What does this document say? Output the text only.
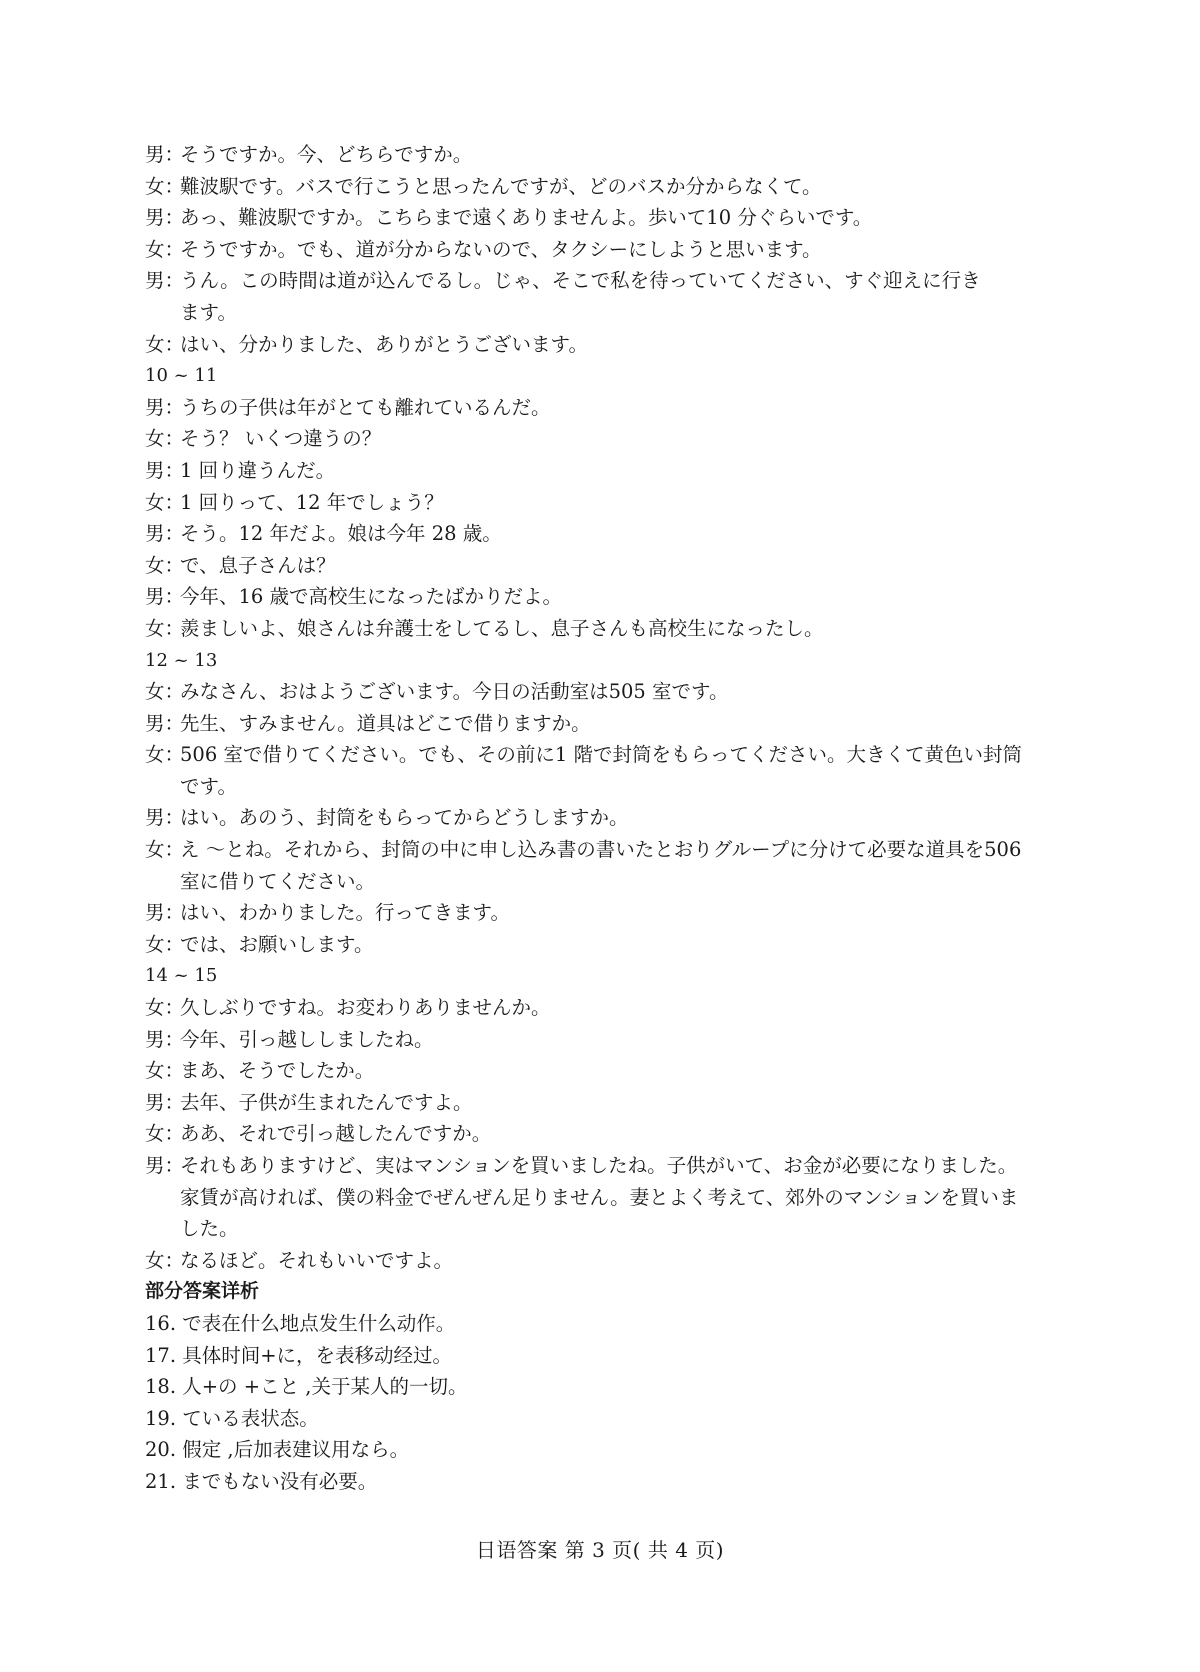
男：
そうですか。今、どちらですか。
女：
難波駅です。バスで行こうと思ったんですが、どのバスか分からなくて。
男：
あっ、難波駅ですか。こちらまで遠くありませんよ。歩いて10 分ぐらいです。
女：
そうですか。でも、道が分からないので、タクシーにしようと思います。
男：
うん。この時間は道が込んでるし。じゃ、そこで私を待っていてください、すぐ迎えに行き
ます。
女：
はい、分かりました、ありがとうございます。
10 ~ 11
男：
うちの子供は年がとても離れているんだ。
女：
そう？ いくつ違うの？
男：
1 回り違うんだ。
女：
1 回りって、12 年でしょう？
男：
そう。12 年だよ。娘は今年 28 歳。
女：
で、息子さんは？
男：
今年、16 歳で高校生になったばかりだよ。
女：
羨ましいよ、娘さんは弁護士をしてるし、息子さんも高校生になったし。
12 ~ 13
女：
みなさん、おはようございます。今日の活動室は505 室です。
男：
先生、すみません。道具はどこで借りますか。
女：
506 室で借りてください。でも、その前に1 階で封筒をもらってください。大きくて黄色い封筒
です。
男：
はい。あのう、封筒をもらってからどうしますか。
女：
え ～とね。それから、封筒の中に申し込み書の書いたとおりグループに分けて必要な道具を506
室に借りてください。
男：
はい、わかりました。行ってきます。
女：
では、お願いします。
14 ~ 15
女：
久しぶりですね。お変わりありませんか。
男：
今年、引っ越ししましたね。
女：
まあ、そうでしたか。
男：
去年、子供が生まれたんですよ。
女：
ああ、それで引っ越したんですか。
男：
それもありますけど、実はマンションを買いましたね。子供がいて、お金が必要になりました。
家賃が高ければ、僕の料金でぜんぜん足りません。妻とよく考えて、郊外のマンションを買いま
した。
女：
なるほど。それもいいですよ。
部分答案详析
16. で表在什么地点发生什么动作。
17. 具体时间+に，を表移动经过。
18. 人+の +こと ,关于某人的一切。
19. ている表状态。
20. 假定 ,后加表建议用なら。
21. までもない没有必要。
日语答案 第 3 页( 共 4 页)
